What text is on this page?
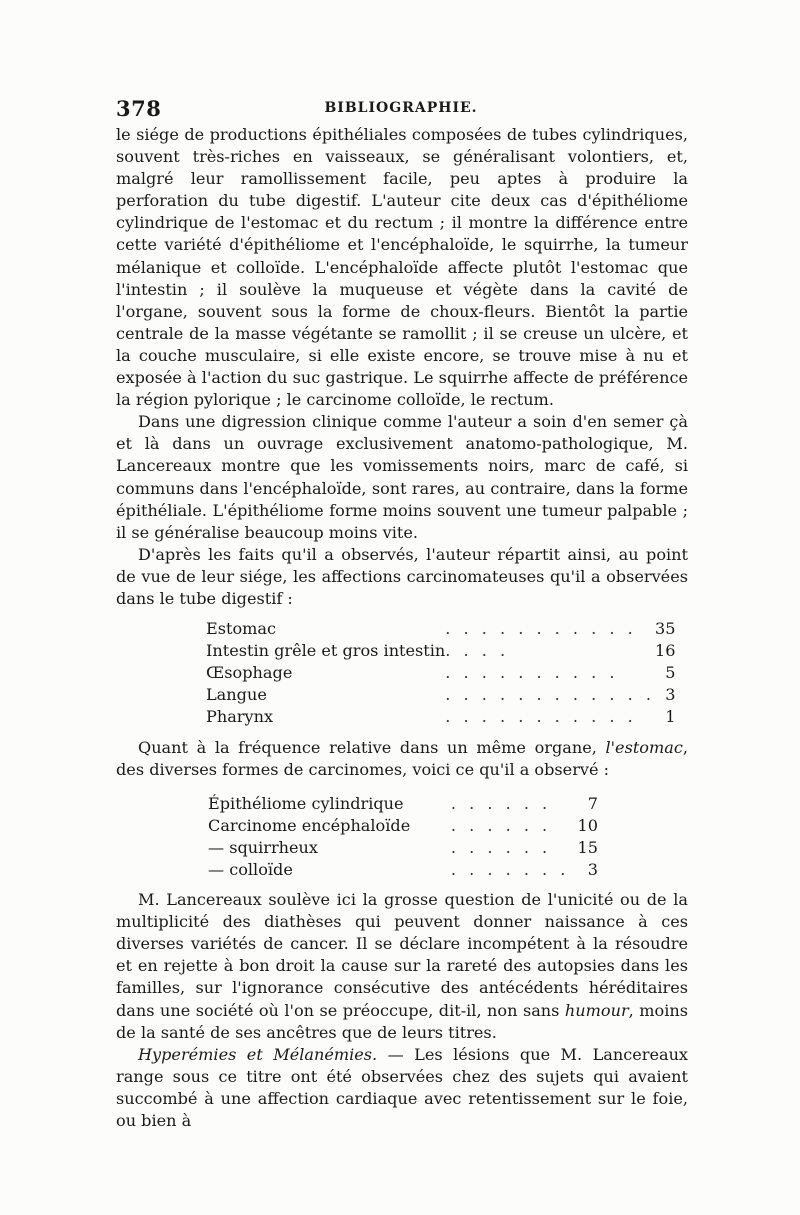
378	BIBLIOGRAPHIE.

le siége de productions épithéliales composées de tubes cylindriques, souvent très-riches en vaisseaux, se généralisant volontiers, et, malgré leur ramollissement facile, peu aptes à produire la perforation du tube digestif. L'auteur cite deux cas d'épithéliome cylindrique de l'estomac et du rectum ; il montre la différence entre cette variété d'épithéliome et l'encéphaloïde, le squirrhe, la tumeur mélanique et colloïde. L'encéphaloïde affecte plutôt l'estomac que l'intestin ; il soulève la muqueuse et végète dans la cavité de l'organe, souvent sous la forme de choux-fleurs. Bientôt la partie centrale de la masse végétante se ramollit ; il se creuse un ulcère, et la couche musculaire, si elle existe encore, se trouve mise à nu et exposée à l'action du suc gastrique. Le squirrhe affecte de préférence la région pylorique ; le carcinome colloïde, le rectum.

Dans une digression clinique comme l'auteur a soin d'en semer çà et là dans un ouvrage exclusivement anatomo-pathologique, M. Lancereaux montre que les vomissements noirs, marc de café, si communs dans l'encéphaloïde, sont rares, au contraire, dans la forme épithéliale. L'épithéliome forme moins souvent une tumeur palpable ; il se généralise beaucoup moins vite.

D'après les faits qu'il a observés, l'auteur répartit ainsi, au point de vue de leur siége, les affections carcinomateuses qu'il a observées dans le tube digestif :

Estomac	. . . . . . . . . . .	35
Intestin grêle et gros intestin	. . . .	16
Œsophage	. . . . . . . . . .	5
Langue	. . . . . . . . . . . .	3
Pharynx	. . . . . . . . . . .	1

Quant à la fréquence relative dans un même organe, l'estomac, des diverses formes de carcinomes, voici ce qu'il a observé :

Épithéliome cylindrique	. . . . . .	7
Carcinome encéphaloïde	. . . . . .	10
— squirrheux	. . . . . .	15
— colloïde	. . . . . . .	3

M. Lancereaux soulève ici la grosse question de l'unicité ou de la multiplicité des diathèses qui peuvent donner naissance à ces diverses variétés de cancer. Il se déclare incompétent à la résoudre et en rejette à bon droit la cause sur la rareté des autopsies dans les familles, sur l'ignorance consécutive des antécédents héréditaires dans une société où l'on se préoccupe, dit-il, non sans humour, moins de la santé de ses ancêtres que de leurs titres.

Hyperémies et Mélanémies. — Les lésions que M. Lancereaux range sous ce titre ont été observées chez des sujets qui avaient succombé à une affection cardiaque avec retentissement sur le foie, ou bien à
